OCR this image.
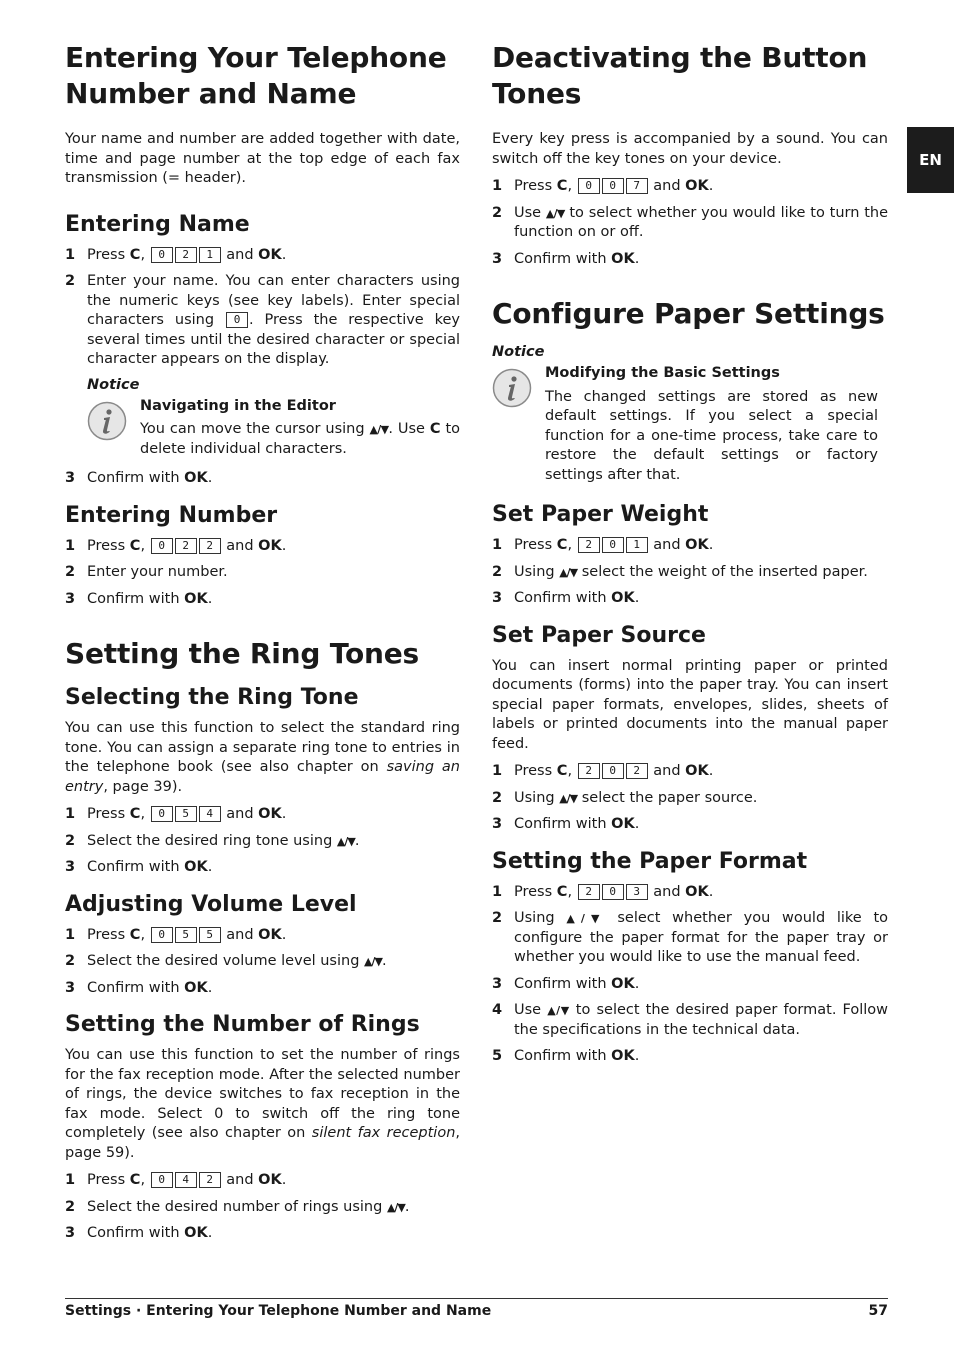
EN
Entering Your Telephone Number and Name

Your name and number are added together with date, time and page number at the top edge of each fax transmission (= header).

Entering Name
1 Press C, 0 2 1 and OK.
2 Enter your name. You can enter characters using the numeric keys (see key labels). Enter special characters using 0 . Press the respective key several times until the desired character or special character appears on the display.
Notice
Navigating in the Editor
You can move the cursor using ▲/▼. Use C to delete individual characters.
3 Confirm with OK.
Entering Number
1 Press C, 0 2 2 and OK.
2 Enter your number.
3 Confirm with OK.
Setting the Ring Tones
Selecting the Ring Tone

You can use this function to select the standard ring tone. You can assign a separate ring tone to entries in the telephone book (see also chapter on saving an entry, page 39).

1 Press C, 0 5 4 and OK.
2 Select the desired ring tone using ▲/▼.
3 Confirm with OK.
Adjusting Volume Level
1 Press C, 0 5 5 and OK.
2 Select the desired volume level using ▲/▼.
3 Confirm with OK.
Setting the Number of Rings

You can use this function to set the number of rings for the fax reception mode. After the selected number of rings, the device switches to fax reception in the fax mode. Select 0 to switch off the ring tone completely (see also chapter on silent fax reception, page 59).

1 Press C, 0 4 2 and OK.
2 Select the desired number of rings using ▲/▼.
3 Confirm with OK.
Deactivating the Button Tones

Every key press is accompanied by a sound. You can switch off the key tones on your device.

1 Press C, 0 0 7 and OK.
2 Use ▲/▼ to select whether you would like to turn the function on or off.
3 Confirm with OK.
Configure Paper Settings
Notice
Modifying the Basic Settings
The changed settings are stored as new default settings. If you select a special function for a one-time process, take care to restore the default settings or factory settings after that.
Set Paper Weight
1 Press C, 2 0 1 and OK.
2 Using ▲/▼ select the weight of the inserted paper.
3 Confirm with OK.
Set Paper Source

You can insert normal printing paper or printed documents (forms) into the paper tray. You can insert special paper formats, envelopes, slides, sheets of labels or printed documents into the manual paper feed.

1 Press C, 2 0 2 and OK.
2 Using ▲/▼ select the paper source.
3 Confirm with OK.
Setting the Paper Format
1 Press C, 2 0 3 and OK.
2 Using ▲/▼ select whether you would like to configure the paper format for the paper tray or whether you would like to use the manual feed.
3 Confirm with OK.
4 Use ▲/▼ to select the desired paper format. Follow the specifications in the technical data.
5 Confirm with OK.
Settings · Entering Your Telephone Number and Name	57
